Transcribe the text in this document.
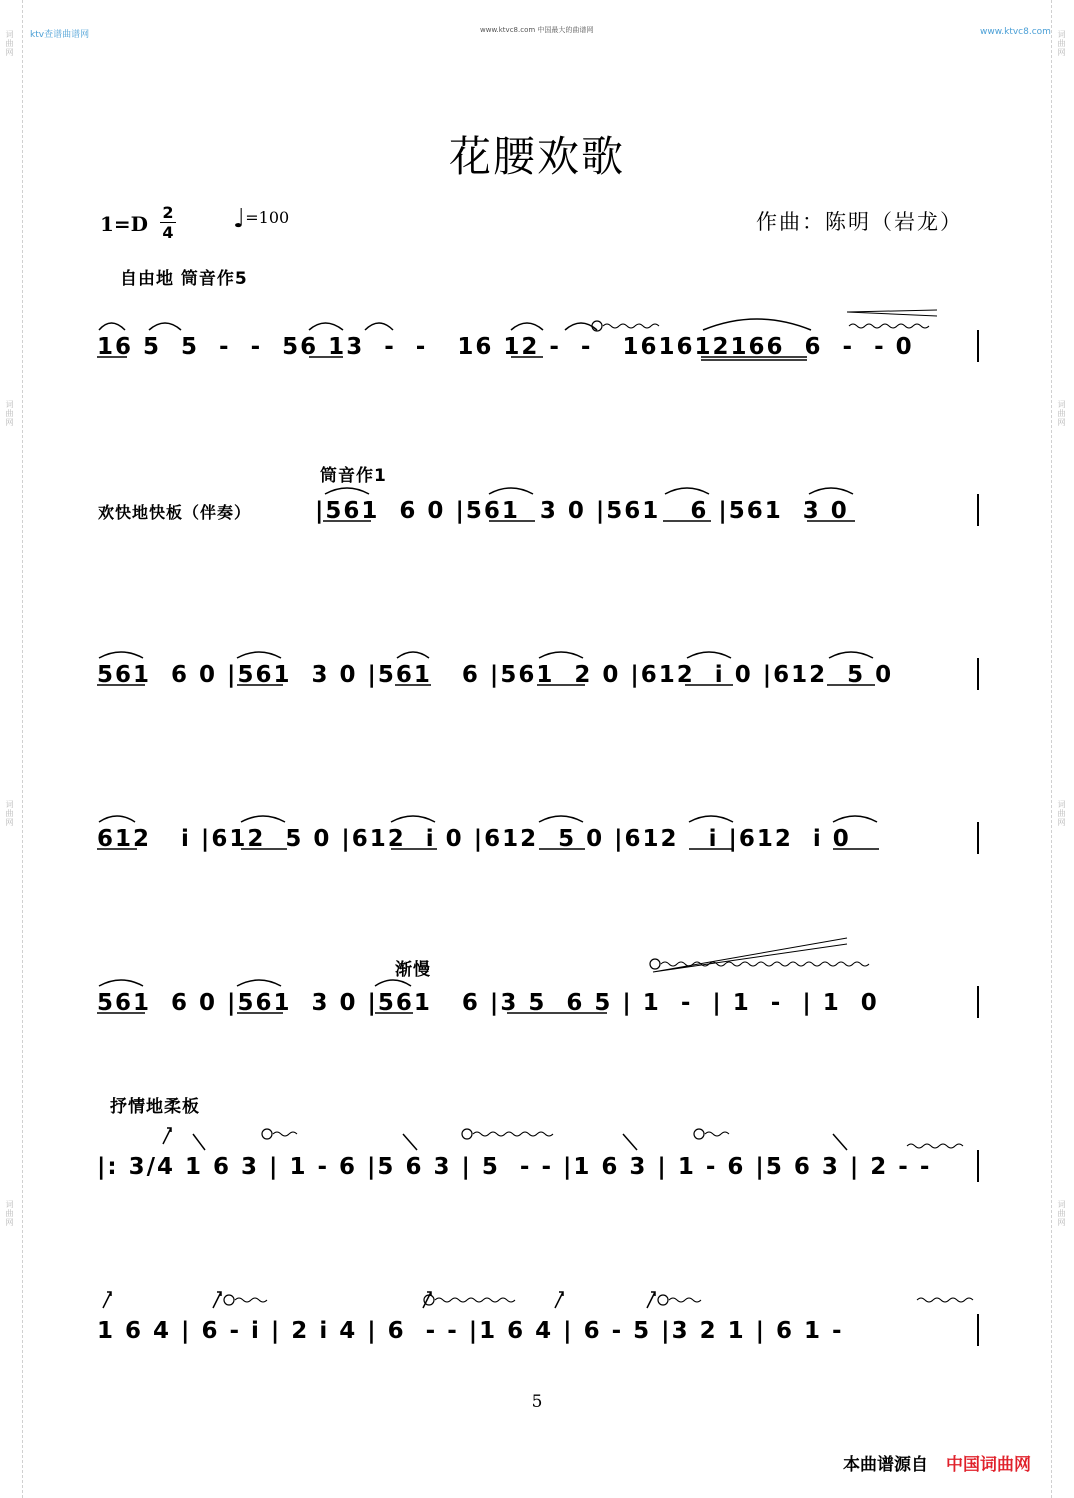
词曲网
词曲网
词曲网
词曲网
词曲网
词曲网
词曲网
词曲网
ktv查谱曲谱网	www.ktvc8.com 中国最大的曲谱网	www.ktvc8.com
花腰欢歌
1=D 2
4 ♩=100	作曲：陈明（岩龙）
自由地 筒音作5
筒音作1
欢快地快板（伴奏）
渐慢
抒情地柔板
16 5  5  -  -  56 13  -  -   16 12 -  -   161612166  6  -  - 0
|561  6 0 |561  3 0 |561   6 |561  3 0
561  6 0 |561  3 0 |561   6 |561  2 0 |612  i 0 |612  5 0
612   i |612  5 0 |612  i 0 |612  5 0 |612   i |612  i 0
561  6 0 |561  3 0 |561   6 |3 5  6 5 | 1  -  | 1  -  | 1  0
|: 3/4 1 6 3 | 1 - 6 |5 6 3 | 5  - - |1 6 3 | 1 - 6 |5 6 3 | 2 - -
1 6 4 | 6 - i | 2 i 4 | 6  - - |1 6 4 | 6 - 5 |3 2 1 | 6 1 -
5
本曲谱源自 中国词曲网
